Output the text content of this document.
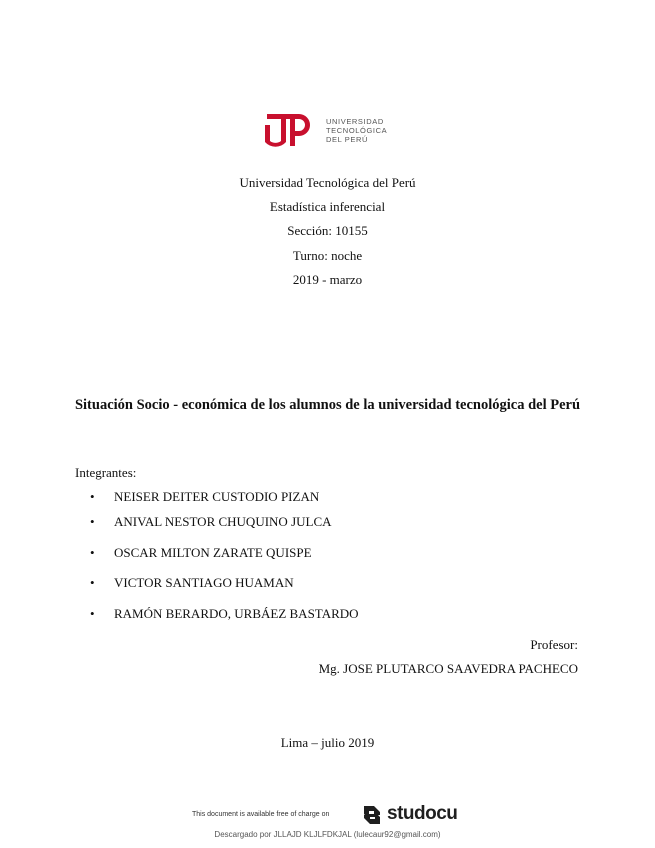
UNIVERSIDAD
TECNOLÓGICA
DEL PERÚ
Universidad Tecnológica del Perú
Estadística inferencial
Sección: 10155
Turno: noche
2019 - marzo
Situación Socio - económica de los alumnos de la universidad tecnológica del Perú
Integrantes:
• NEISER DEITER CUSTODIO PIZAN
• ANIVAL NESTOR CHUQUINO JULCA
• OSCAR MILTON ZARATE QUISPE
• VICTOR SANTIAGO HUAMAN
• RAMÓN BERARDO, URBÁEZ BASTARDO
Profesor:
Mg. JOSE PLUTARCO SAAVEDRA PACHECO
Lima – julio 2019
This document is available free of charge on	studocu
Descargado por JLLAJD KLJLFDKJAL (lulecaur92@gmail.com)
